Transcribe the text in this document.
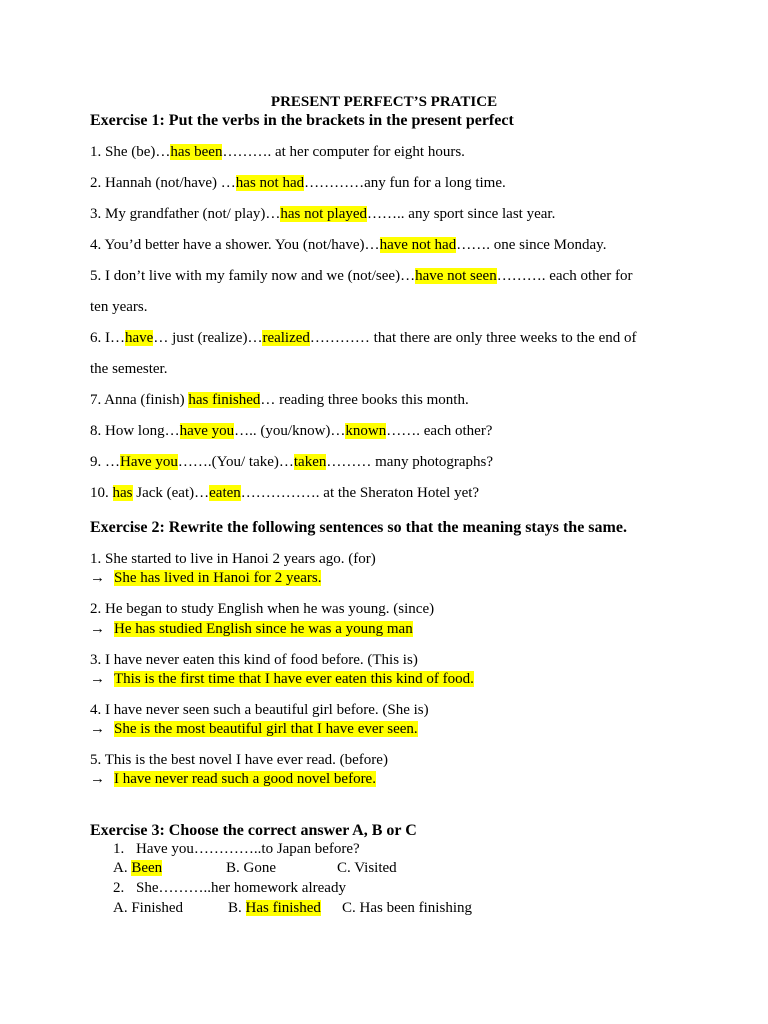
PRESENT PERFECT’S PRATICE
Exercise 1: Put the verbs in the brackets in the present perfect
1. She (be)…has been………. at her computer for eight hours.
2. Hannah (not/have) …has not had…………any fun for a long time.
3. My grandfather (not/ play)…has not played…….. any sport since last year.
4. You’d better have a shower. You (not/have)…have not had……. one since Monday.
5. I don’t live with my family now and we (not/see)…have not seen………. each other for
ten years.
6. I…have… just (realize)…realized………… that there are only three weeks to the end of
the semester.
7. Anna (finish) has finished… reading three books this month.
8. How long…have you….. (you/know)…known……. each other?
9. …Have you…….(You/ take)…taken……… many photographs?
10. has Jack (eat)…eaten……………. at the Sheraton Hotel yet?
Exercise 2: Rewrite the following sentences so that the meaning stays the same.
1. She started to live in Hanoi 2 years ago. (for)
→ She has lived in Hanoi for 2 years.
2. He began to study English when he was young. (since)
→ He has studied English since he was a young man
3. I have never eaten this kind of food before. (This is)
→ This is the first time that I have ever eaten this kind of food.
4. I have never seen such a beautiful girl before. (She is)
→ She is the most beautiful girl that I have ever seen.
5. This is the best novel I have ever read. (before)
→ I have never read such a good novel before.
Exercise 3: Choose the correct answer A, B or C
1. Have you…………..to Japan before?
A. Been	B. Gone	C. Visited
2. She………..her homework already
A. Finished	B. Has finished C. Has been finishing
